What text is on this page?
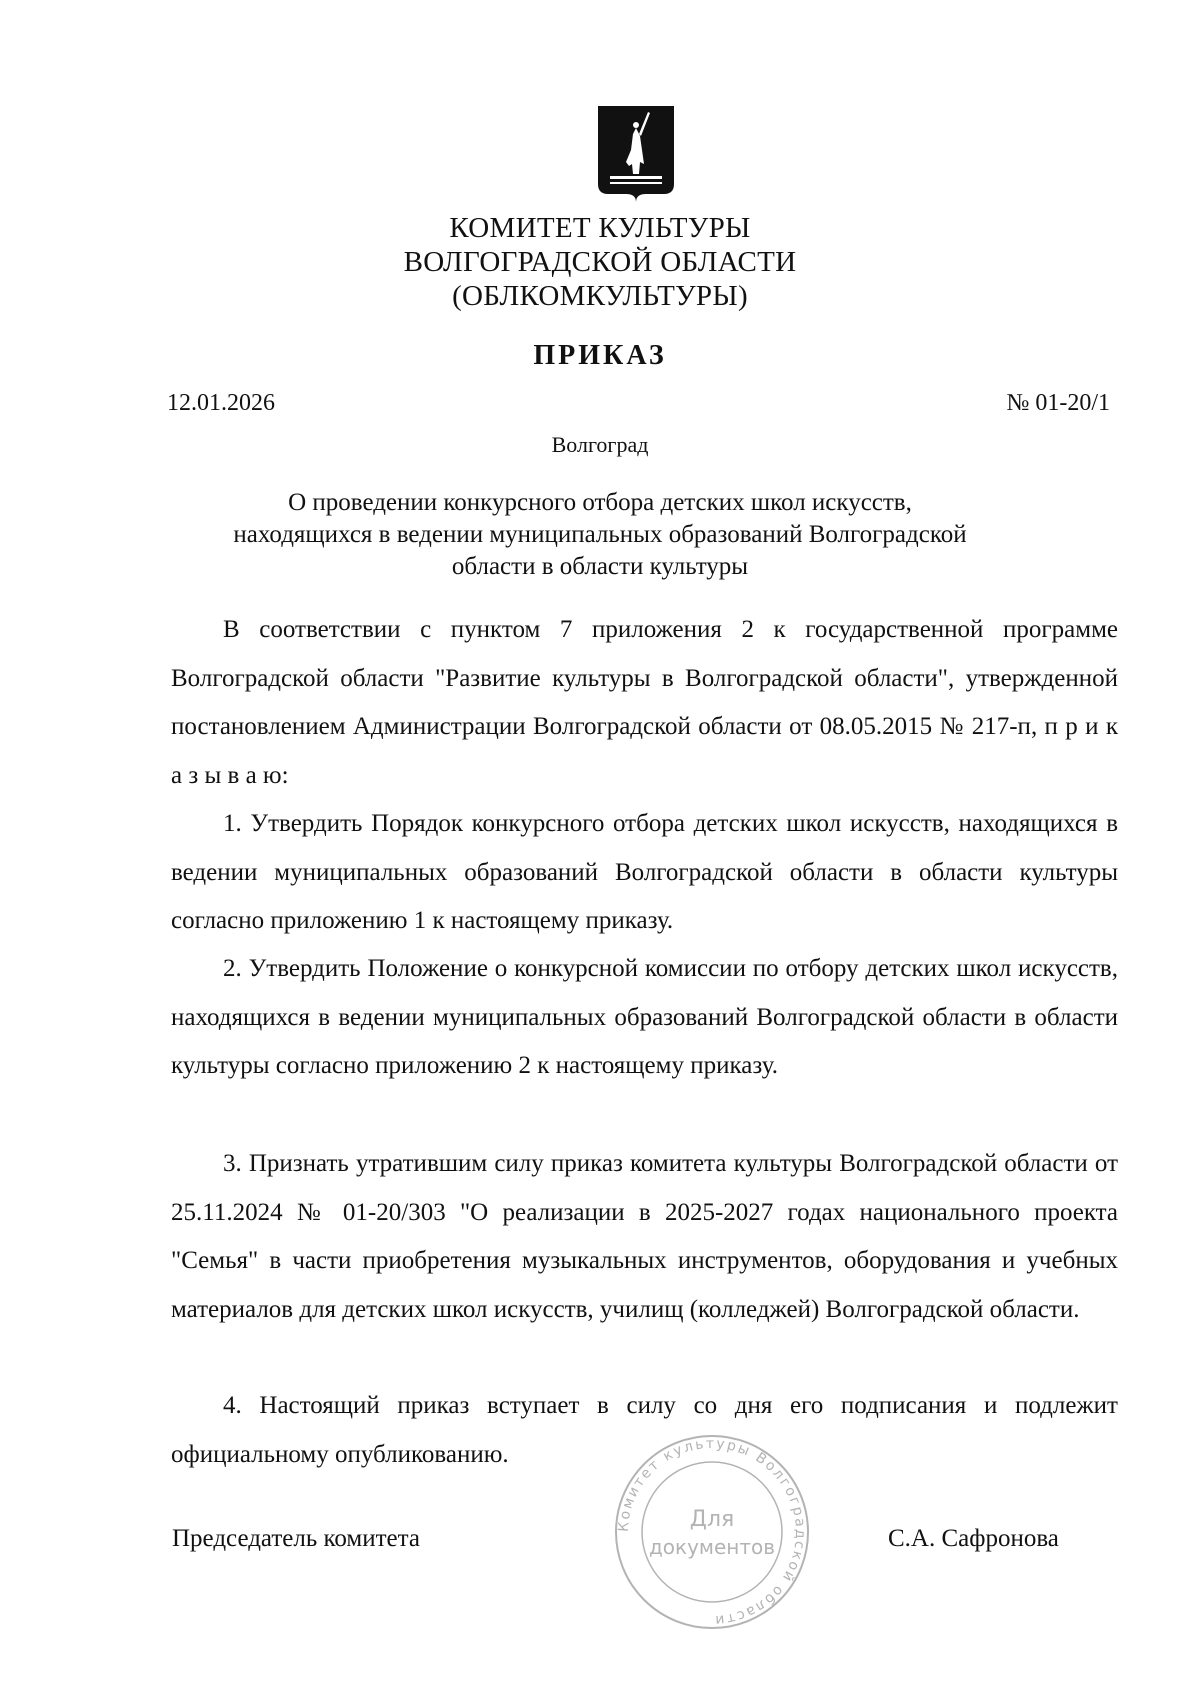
КОМИТЕТ КУЛЬТУРЫ
ВОЛГОГРАДСКОЙ ОБЛАСТИ
(ОБЛКОМКУЛЬТУРЫ)
ПРИКАЗ
12.01.2026	№ 01-20/1
Волгоград
О проведении конкурсного отбора детских школ искусств,
находящихся в ведении муниципальных образований Волгоградской
области в области культуры
В соответствии с пунктом 7 приложения 2 к государственной программе Волгоградской области "Развитие культуры в Волгоградской области", утвержденной постановлением Администрации Волгоградской области от 08.05.2015 № 217-п, п р и к а з ы в а ю:
1. Утвердить Порядок конкурсного отбора детских школ искусств, находящихся в ведении муниципальных образований Волгоградской области в области культуры согласно приложению 1 к настоящему приказу.
2. Утвердить Положение о конкурсной комиссии по отбору детских школ искусств, находящихся в ведении муниципальных образований Волгоградской области в области культуры согласно приложению 2 к настоящему приказу.
3. Признать утратившим силу приказ комитета культуры Волгоградской области от 25.11.2024 № 01-20/303 "О реализации в 2025-2027 годах национального проекта "Семья" в части приобретения музыкальных инструментов, оборудования и учебных материалов для детских школ искусств, училищ (колледжей) Волгоградской области.
4. Настоящий приказ вступает в силу со дня его подписания и подлежит официальному опубликованию.
Комитет культуры Волгоградской области
Для
документов
Председатель комитета	С.А. Сафронова
